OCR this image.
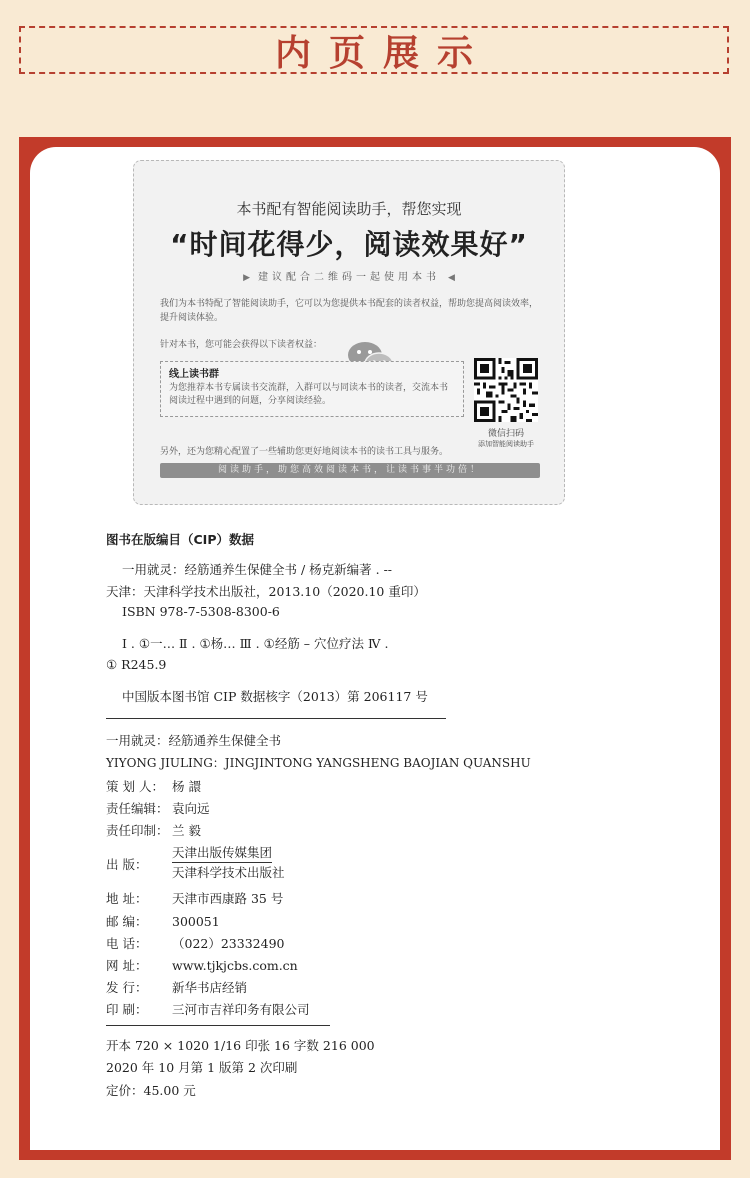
内页展示
本书配有智能阅读助手，帮您实现
“时间花得少，阅读效果好”
▶ 建议配合二维码一起使用本书 ◀
我们为本书特配了智能阅读助手，它可以为您提供本书配套的读者权益，帮助您提高阅读效率，提升阅读体验。
针对本书，您可能会获得以下读者权益：
线上读书群
为您推荐本书专属读书交流群，入群可以与同读本书的读者，交流本书阅读过程中遇到的问题，分享阅读经验。
微信扫码
添加智能阅读助手
另外，还为您精心配置了一些辅助您更好地阅读本书的读书工具与服务。
阅读助手，助您高效阅读本书，让读书事半功倍！
图书在版编目（CIP）数据
一用就灵：经筋通养生保健全书 / 杨克新编著 . --
天津：天津科学技术出版社，2013.10（2020.10 重印）
ISBN 978-7-5308-8300-6
Ⅰ . ①一… Ⅱ . ①杨… Ⅲ . ①经筋 – 穴位疗法 Ⅳ .
① R245.9
中国版本图书馆 CIP 数据核字（2013）第 206117 号
一用就灵：经筋通养生保健全书
YIYONG JIULING：JINGJINTONG YANGSHENG BAOJIAN QUANSHU
策 划 人： 杨 譞
责任编辑： 袁向远
责任印制： 兰 毅
出 版：
天津出版传媒集团
天津科学技术出版社
地 址： 天津市西康路 35 号
邮 编： 300051
电 话： （022）23332490
网 址： www.tjkjcbs.com.cn
发 行： 新华书店经销
印 刷： 三河市吉祥印务有限公司
开本 720 × 1020 1/16 印张 16 字数 216 000
2020 年 10 月第 1 版第 2 次印刷
定价：45.00 元
